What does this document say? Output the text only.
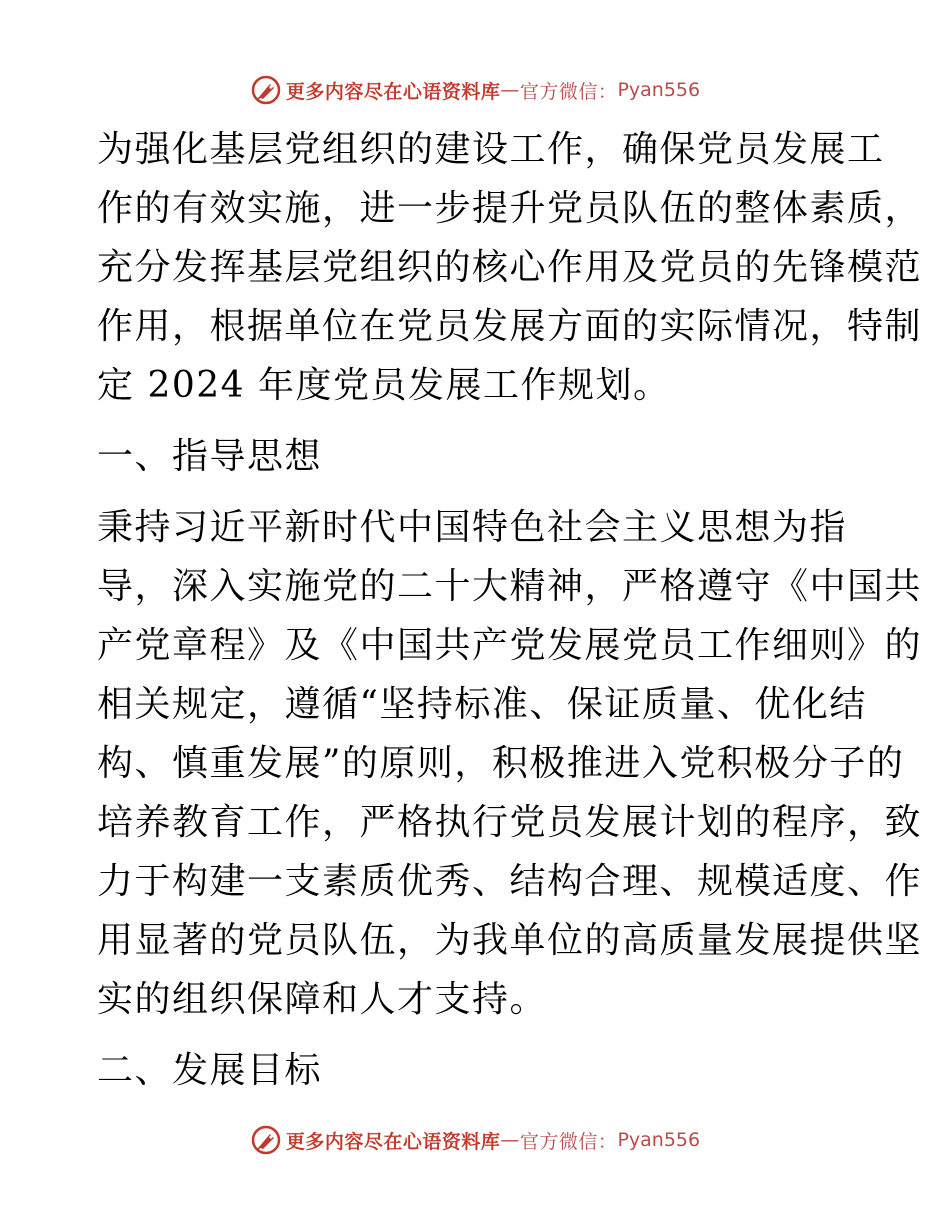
更多内容尽在心语资料库 — 官方微信： Pyan556
为强化基层党组织的建设工作，确保党员发展工
作的有效实施，进一步提升党员队伍的整体素质，
充分发挥基层党组织的核心作用及党员的先锋模范
作用，根据单位在党员发展方面的实际情况，特制
定 2024 年度党员发展工作规划。
一、指导思想
秉持习近平新时代中国特色社会主义思想为指
导，深入实施党的二十大精神，严格遵守《中国共
产党章程》及《中国共产党发展党员工作细则》的
相关规定，遵循“坚持标准、保证质量、优化结
构、慎重发展”的原则，积极推进入党积极分子的
培养教育工作，严格执行党员发展计划的程序，致
力于构建一支素质优秀、结构合理、规模适度、作
用显著的党员队伍，为我单位的高质量发展提供坚
实的组织保障和人才支持。
二、发展目标
更多内容尽在心语资料库 — 官方微信： Pyan556
